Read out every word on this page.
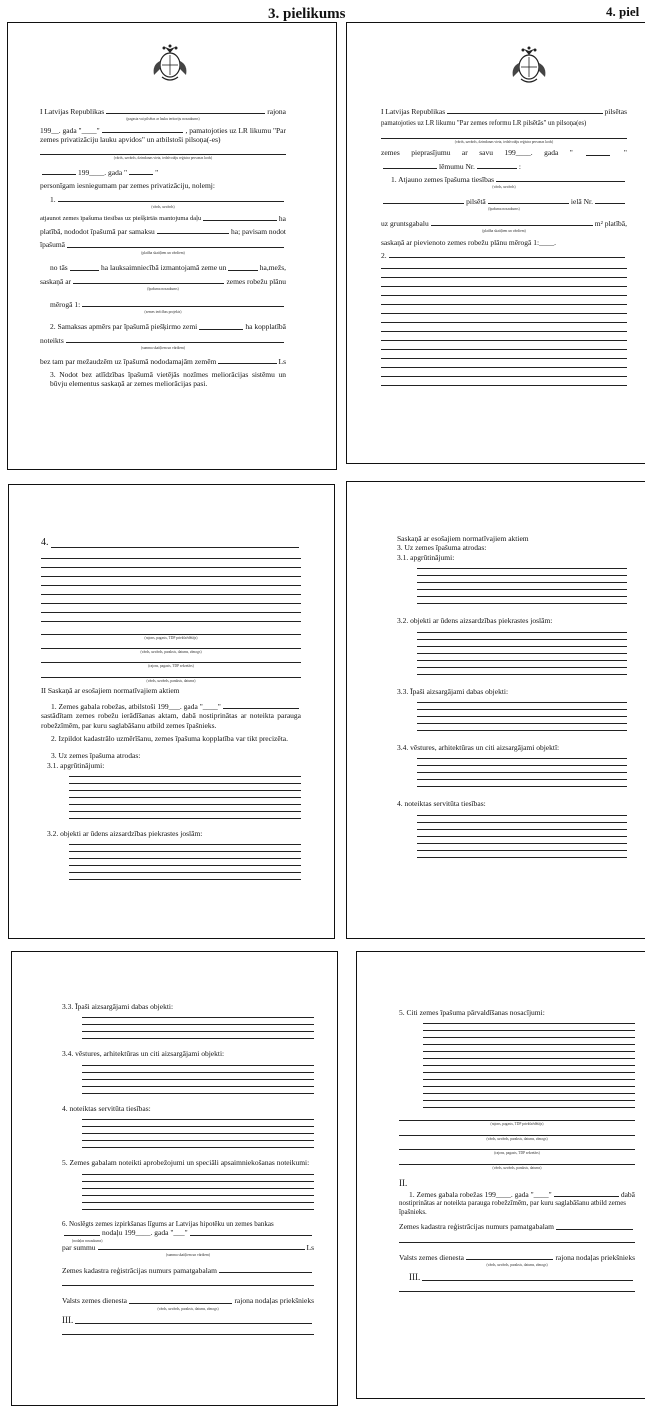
3. pielikums	4. piel
I Latvijas Republikas	rajona
(pagasta vai pilsētas ar lauku teritoriju nosaukums)
199__. gada "____"	, pamatojoties uz LR likumu "Par
zemes privatizāciju lauku apvidos" un atbilstoši pilsoņa(-es)
(vārds, uzvārds, dzimšanas vieta, iedzīvotāju reģistra personas kods)
199____. gada "	"
personīgam iesniegumam par zemes privatizāciju, nolemj:
1.
(vārds, uzvārds)
atjaunot zemes īpašuma tiesības uz piešķirtās mantojuma daļu	ha
platībā, nododot īpašumā par samaksu	ha; pavisam nodot
īpašumā
(platība skaitļiem un vārdiem)
no tās	ha lauksaimniecībā izmantojamā zeme un	ha,mežs,
saskaņā ar	zemes robežu plānu
(īpašuma nosaukums)
mērogā 1:
(zemes ierīcības projekts)
2. Samaksas apmērs par īpašumā piešķirmo zemi	ha kopplatībā
noteikts
(summa skaitļiem un vārdiem)
bez tam par mežaudzēm uz īpašumā nododamajām zemēm	Ls
3. Nodot bez atlīdzības īpašumā vietējās nozīmes meliorācijas sistēmu un būvju elementus saskaņā ar zemes meliorācijas pasi.
I Latvijas Republikas	pilsētas
pamatojoties uz LR likumu "Par zemes reformu LR pilsētās" un pilsoņa(es)
(vārds, uzvārds, dzimšanas vieta, iedzīvotāju reģistra personas kods)
zemes pieprasījumu ar savu 199____. gada "	"
lēmumu Nr.	:
1. Atjauno zemes īpašuma tiesības
(vārds, uzvārds)
pilsētā	ielā Nr.
(īpašuma nosaukums)
uz gruntsgabalu	m² platībā,
(platība skaitļiem un vārdiem)
saskaņā ar pievienoto zemes robežu plānu mērogā 1:____.
2.
4.
(rajons, pagasts, TDP priekšsēdētājs)
(vārds, uzvārds, paraksts, datums, zīmogs)
(rajons, pagasts, TDP sekretārs)
(vārds, uzvārds, paraksts, datums)
II Saskaņā ar esošajiem normatīvajiem aktiem
1. Zemes gabala robežas, atbilstoši 199___. gada "____"
sastādītam zemes robežu ierādīšanas aktam, dabā nostiprinātas ar noteikta parauga robežzīmēm, par kuru saglabāšanu atbild zemes īpašnieks.
2. Izpildot kadastrālo uzmērīšanu, zemes īpašuma kopplatība var tikt precizēta.
3. Uz zemes īpašuma atrodas:
3.1. apgrūtinājumi:
3.2. objekti ar ūdens aizsardzības piekrastes joslām:
Saskaņā ar esošajiem normatīvajiem aktiem
3. Uz zemes īpašuma atrodas:
3.1. apgrūtinājumi:
3.2. objekti ar ūdens aizsardzības piekrastes joslām:
3.3. Īpaši aizsargājami dabas objekti:
3.4. vēstures, arhitektūras un citi aizsargājami objektī:
4. noteiktas servitūta tiesības:
3.3. Īpaši aizsargājami dabas objekti:
3.4. vēstures, arhitektūras un citi aizsargājami objekti:
4. noteiktas servitūta tiesības:
5. Zemes gabalam noteikti aprobežojumi un speciāli apsaimniekošanas noteikumi:
6. Noslēgts zemes izpirkšanas līgums ar Latvijas hipotēku un zemes bankas
nodaļu 199____. gada "___"
(nodaļas nosaukums)
par summu	Ls
(summa skaitļiem un vārdiem)
Zemes kadastra reģistrācijas numurs pamatgabalam
Valsts zemes dienesta	rajona nodaļas priekšnieks
(vārds, uzvārds, paraksts, datums, zīmogs)
III.
5. Citi zemes īpašuma pārvaldīšanas nosacījumi:
(rajons, pagasts, TDP priekšsēdētājs)
(vārds, uzvārds, paraksts, datums, zīmogs)
(rajons, pagasts, TDP sekretārs)
(vārds, uzvārds, paraksts, datums)
II.
1. Zemes gabala robežas 199____. gada "____"	dabā
nostiprinātas ar noteikta parauga robežzīmēm, par kuru saglabāšanu atbild zemes īpašnieks.
Zemes kadastra reģistrācijas numurs pamatgabalam
Valsts zemes dienesta	rajona nodaļas priekšnieks
(vārds, uzvārds, paraksts, datums, zīmogs)
III.
